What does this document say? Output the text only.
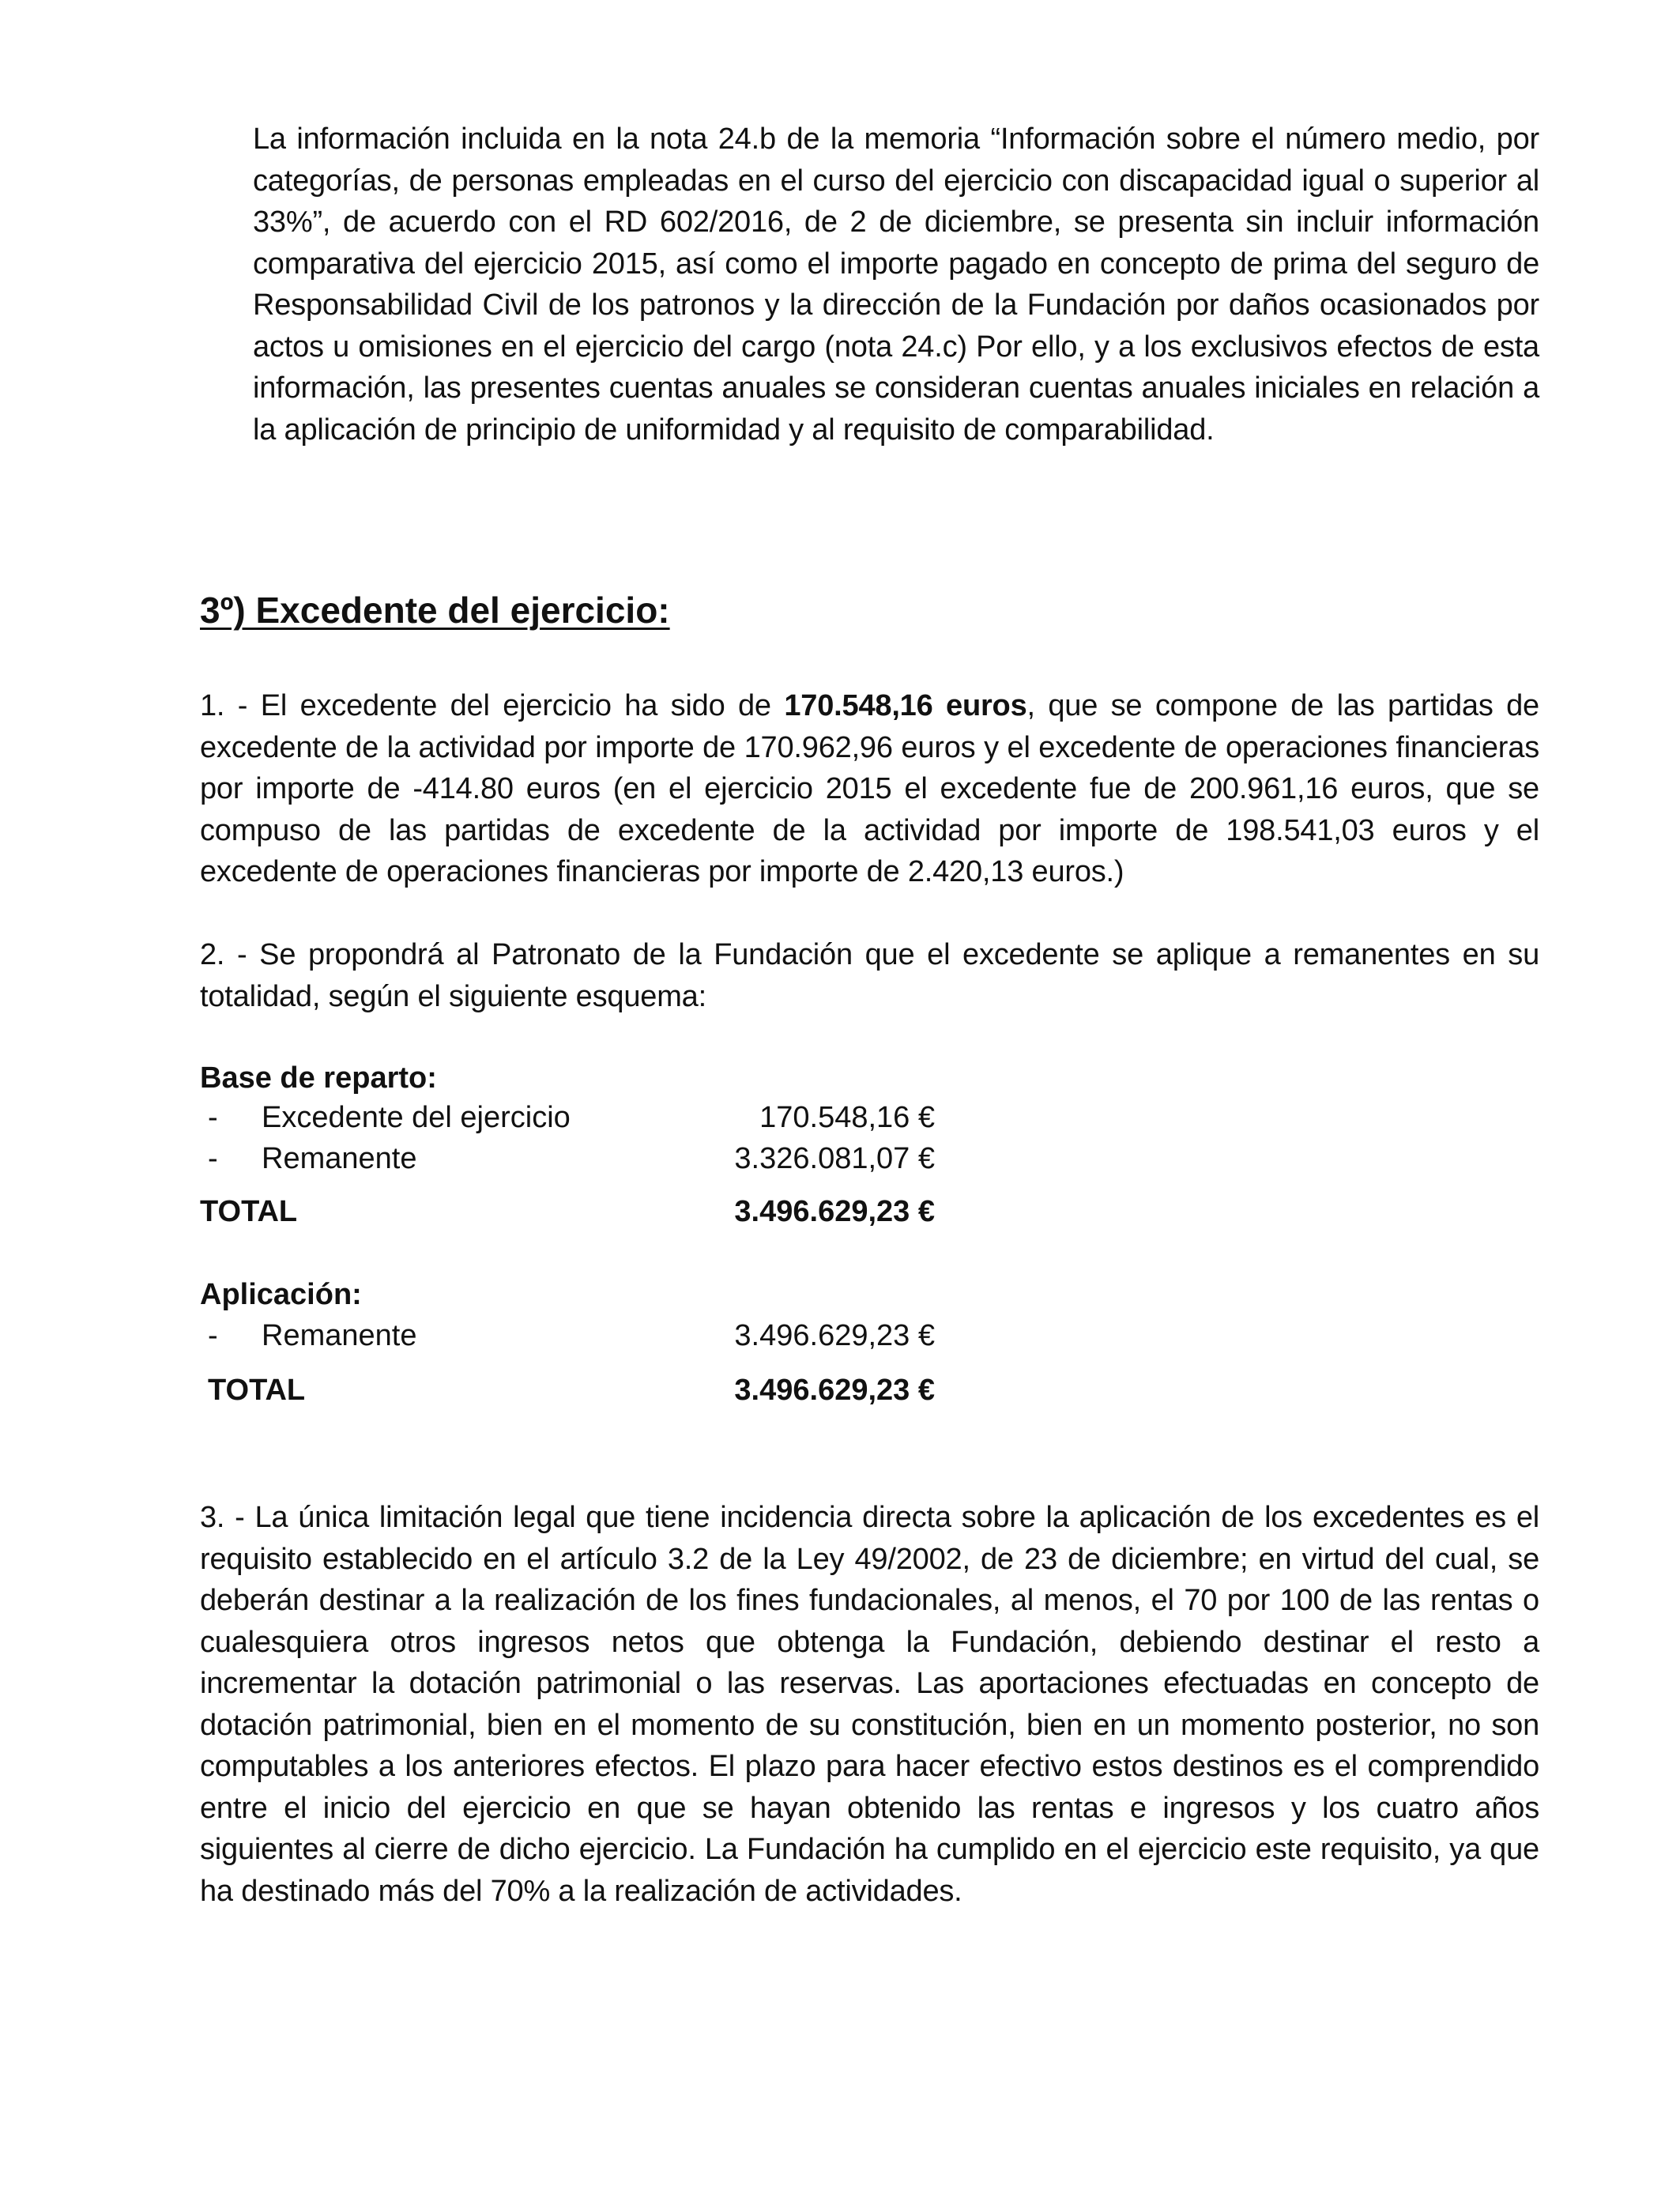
La información incluida en la nota 24.b de la memoria “Información sobre el número medio, por categorías, de personas empleadas en el curso del ejercicio con discapacidad igual o superior al 33%”, de acuerdo con el RD 602/2016, de 2 de diciembre, se presenta sin incluir información comparativa del ejercicio 2015, así como el importe pagado en concepto de prima del seguro de Responsabilidad Civil de los patronos y la dirección de la Fundación por daños ocasionados por actos u omisiones en el ejercicio del cargo (nota 24.c) Por ello, y a los exclusivos efectos de esta información, las presentes cuentas anuales se consideran cuentas anuales iniciales en relación a la aplicación de principio de uniformidad y al requisito de comparabilidad.

3º) Excedente del ejercicio:

1. - El excedente del ejercicio ha sido de 170.548,16 euros, que se compone de las partidas de excedente de la actividad por importe de 170.962,96 euros y el excedente de operaciones financieras por importe de -414.80 euros (en el ejercicio 2015 el excedente fue de 200.961,16 euros, que se compuso de las partidas de excedente de la actividad por importe de 198.541,03 euros y el excedente de operaciones financieras por importe de 2.420,13 euros.)

2. - Se propondrá al Patronato de la Fundación que el excedente se aplique a remanentes en su totalidad, según el siguiente esquema:

Base de reparto:

- Excedente del ejercicio	170.548,16 €
- Remanente	3.326.081,07 €
TOTAL	3.496.629,23 €

Aplicación:

- Remanente	3.496.629,23 €
TOTAL	3.496.629,23 €

3. - La única limitación legal que tiene incidencia directa sobre la aplicación de los excedentes es el requisito establecido en el artículo 3.2 de la Ley 49/2002, de 23 de diciembre; en virtud del cual, se deberán destinar a la realización de los fines fundacionales, al menos, el 70 por 100 de las rentas o cualesquiera otros ingresos netos que obtenga la Fundación, debiendo destinar el resto a incrementar la dotación patrimonial o las reservas. Las aportaciones efectuadas en concepto de dotación patrimonial, bien en el momento de su constitución, bien en un momento posterior, no son computables a los anteriores efectos. El plazo para hacer efectivo estos destinos es el comprendido entre el inicio del ejercicio en que se hayan obtenido las rentas e ingresos y los cuatro años siguientes al cierre de dicho ejercicio. La Fundación ha cumplido en el ejercicio este requisito, ya que ha destinado más del 70% a la realización de actividades.
